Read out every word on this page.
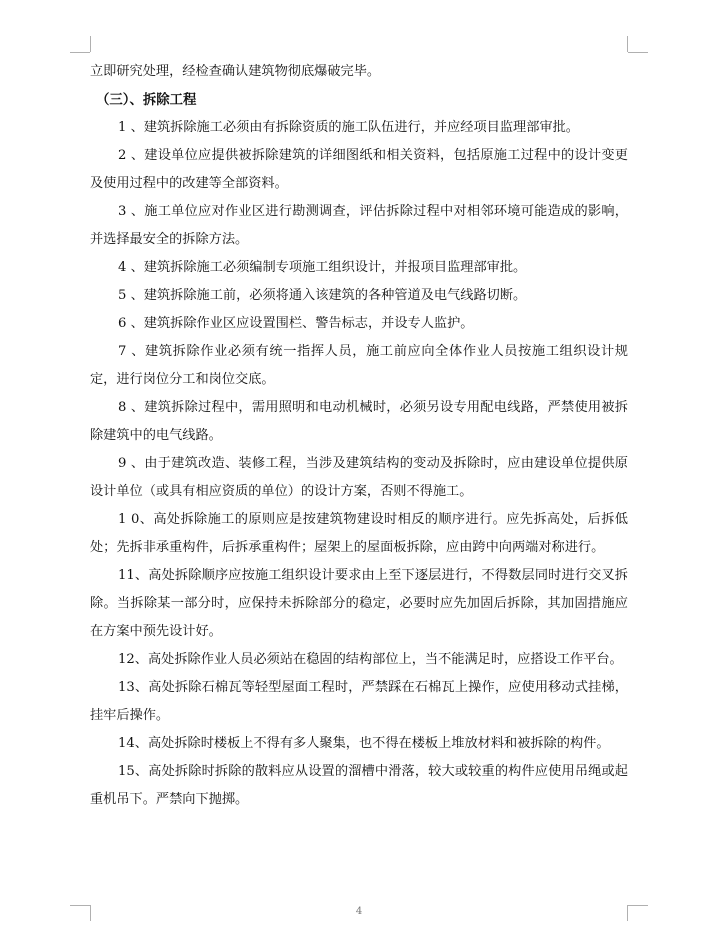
立即研究处理，经检查确认建筑物彻底爆破完毕。

（三）、拆除工程

1 、建筑拆除施工必须由有拆除资质的施工队伍进行，并应经项目监理部审批。

2 、建设单位应提供被拆除建筑的详细图纸和相关资料，包括原施工过程中的设计变更及使用过程中的改建等全部资料。

3 、施工单位应对作业区进行勘测调查，评估拆除过程中对相邻环境可能造成的影响，并选择最安全的拆除方法。

4 、建筑拆除施工必须编制专项施工组织设计，并报项目监理部审批。

5 、建筑拆除施工前，必须将通入该建筑的各种管道及电气线路切断。

6 、建筑拆除作业区应设置围栏、警告标志，并设专人监护。

7 、建筑拆除作业必须有统一指挥人员，施工前应向全体作业人员按施工组织设计规定，进行岗位分工和岗位交底。

8 、建筑拆除过程中，需用照明和电动机械时，必须另设专用配电线路，严禁使用被拆除建筑中的电气线路。

9 、由于建筑改造、装修工程，当涉及建筑结构的变动及拆除时，应由建设单位提供原设计单位（或具有相应资质的单位）的设计方案，否则不得施工。

1 0、高处拆除施工的原则应是按建筑物建设时相反的顺序进行。应先拆高处，后拆低处；先拆非承重构件，后拆承重构件；屋架上的屋面板拆除，应由跨中向两端对称进行。

11、高处拆除顺序应按施工组织设计要求由上至下逐层进行，不得数层同时进行交叉拆除。当拆除某一部分时，应保持未拆除部分的稳定，必要时应先加固后拆除，其加固措施应在方案中预先设计好。

12、高处拆除作业人员必须站在稳固的结构部位上，当不能满足时，应搭设工作平台。

13、高处拆除石棉瓦等轻型屋面工程时，严禁踩在石棉瓦上操作，应使用移动式挂梯，挂牢后操作。

14、高处拆除时楼板上不得有多人聚集，也不得在楼板上堆放材料和被拆除的构件。

15、高处拆除时拆除的散料应从设置的溜槽中滑落，较大或较重的构件应使用吊绳或起重机吊下。严禁向下抛掷。

4
